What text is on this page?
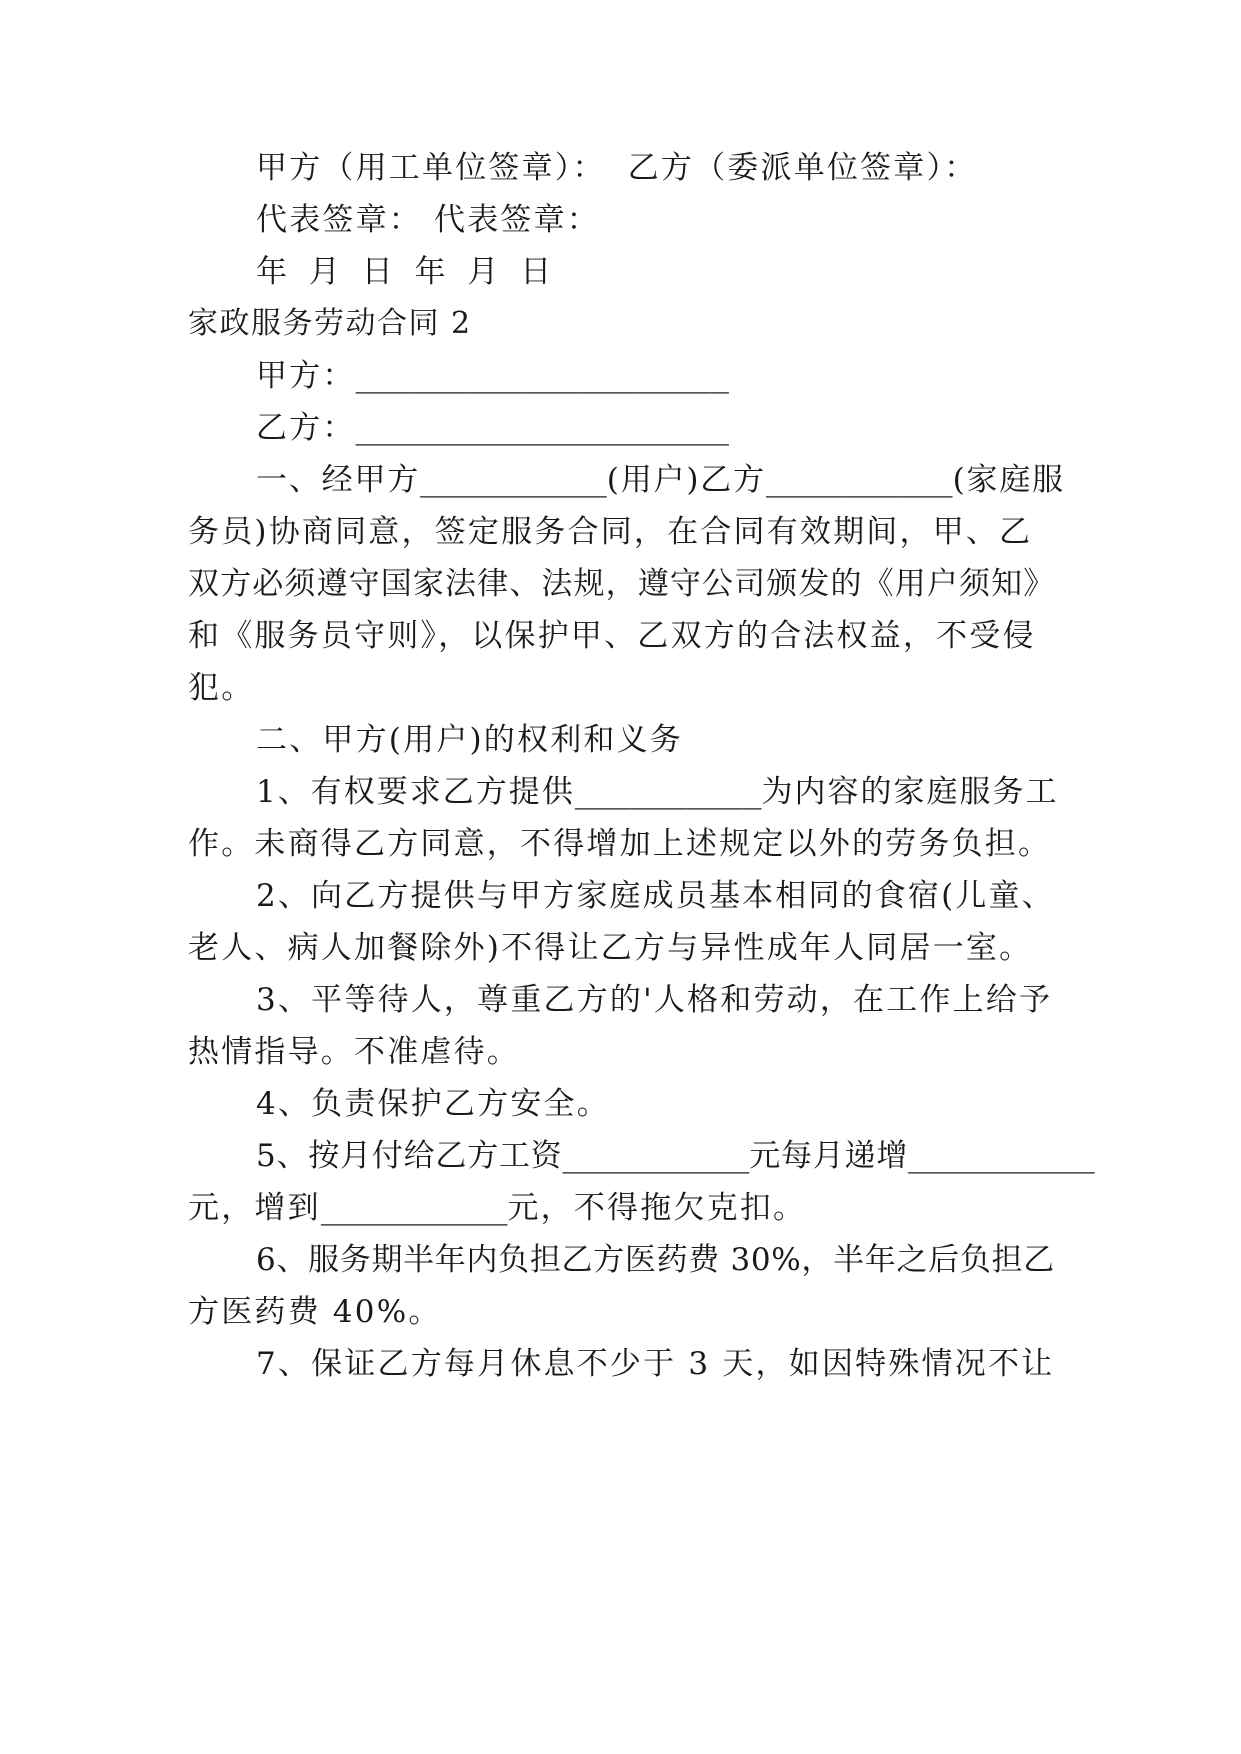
甲方（用工单位签章）： 乙方（委派单位签章）：
代表签章： 代表签章：
年 月 日 年 月 日
家政服务劳动合同 2
甲方：____________________
乙方：____________________
一、经甲方__________(用户)乙方__________(家庭服
务员)协商同意，签定服务合同，在合同有效期间，甲、乙
双方必须遵守国家法律、法规，遵守公司颁发的《用户须知》
和《服务员守则》，以保护甲、乙双方的合法权益，不受侵
犯。
二、甲方(用户)的权利和义务
1、有权要求乙方提供__________为内容的家庭服务工
作。未商得乙方同意，不得增加上述规定以外的劳务负担。
2、向乙方提供与甲方家庭成员基本相同的食宿(儿童、
老人、病人加餐除外)不得让乙方与异性成年人同居一室。
3、平等待人，尊重乙方的'人格和劳动，在工作上给予
热情指导。不准虐待。
4、负责保护乙方安全。
5、按月付给乙方工资__________元每月递增__________
元，增到__________元，不得拖欠克扣。
6、服务期半年内负担乙方医药费 30%，半年之后负担乙
方医药费 40%。
7、保证乙方每月休息不少于 3 天，如因特殊情况不让
